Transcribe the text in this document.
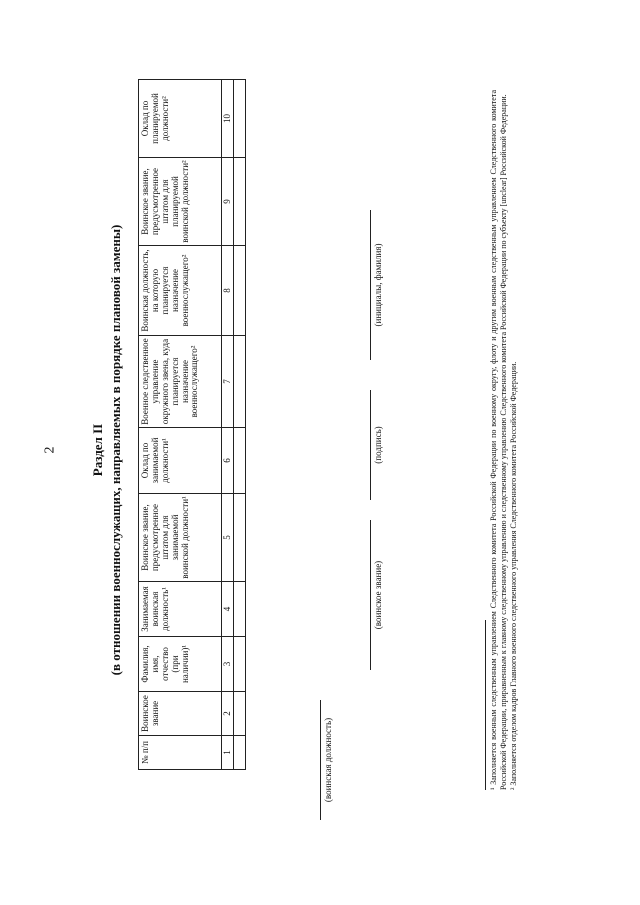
2	Раздел II (в отношении военнослужащих, направляемых в порядке плановой замены)
№ п/п	Воинское звание	Фамилия, имя, отчество (при наличии)¹	Занимаемая воинская должность¹	Воинское звание, предусмотренное штатом для занимаемой воинской должности¹	Оклад по занимаемой должности¹	Военное следственное управление окружного звена, куда планируется назначение военнослужащего²	Воинская должность, на которую планируется назначение военнослужащего²	Воинское звание, предусмотренное штатом для планируемой воинской должности²	Оклад по планируемой должности²
1	2	3	4	5	6	7	8	9	10

(воинская должность)
(воинское звание)
(подпись)
(инициалы, фамилия)	¹ Заполняется военным следственным управлением Следственного комитета Российской Федерации по военному округу, флоту и другим военным следственным управлением Следственного комитета Российской Федерации, приравненным к главному следственному управлению и следственному управлению Следственного комитета Российской Федерации по субъекту [unclear] Российской Федерации. ² Заполняется отделом кадров Главного военного следственного управления Следственного комитета Российской Федерации.
